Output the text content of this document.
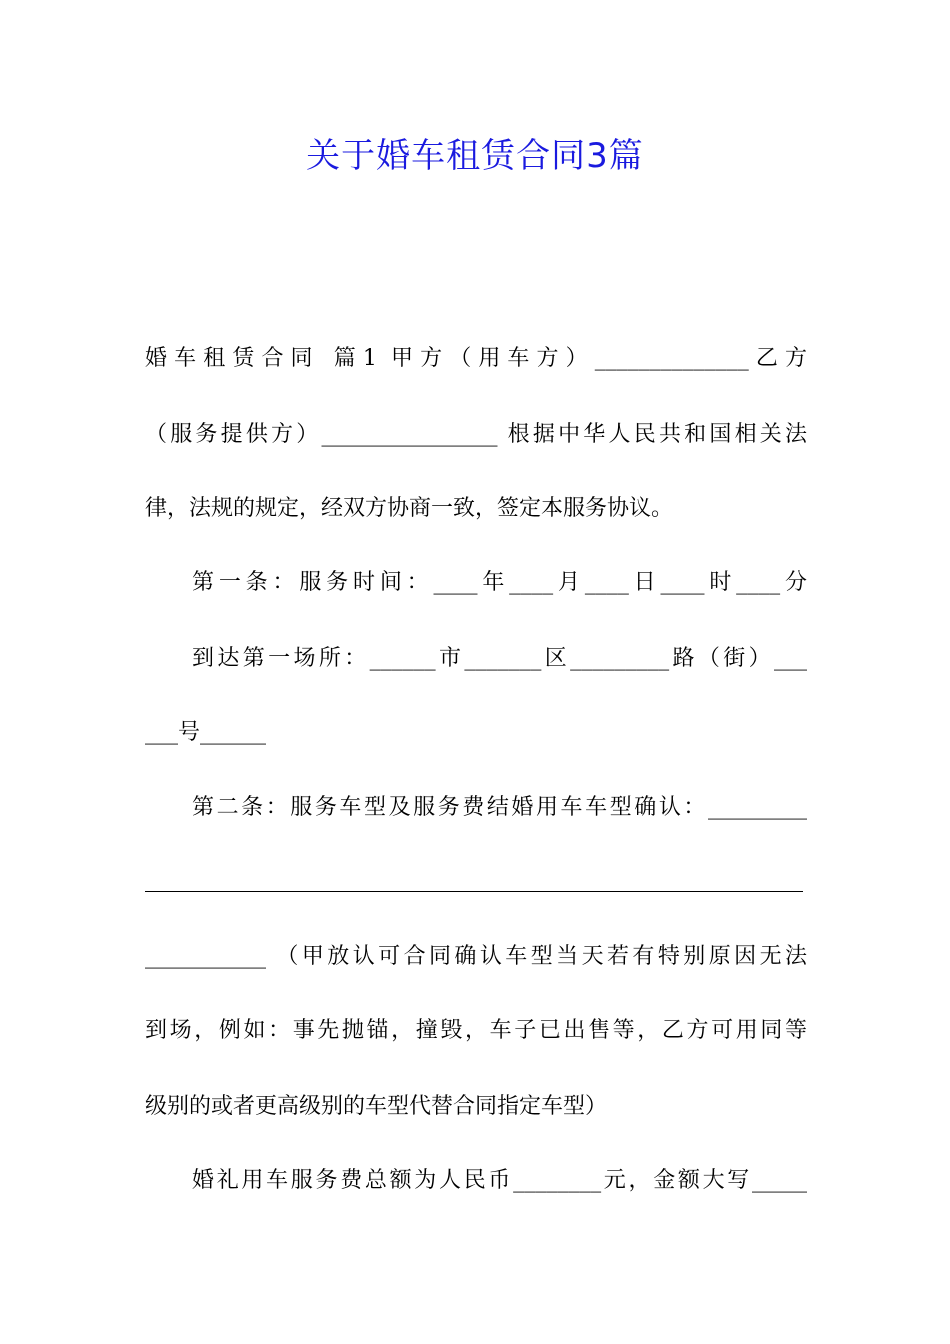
关于婚车租赁合同3篇
婚车租赁合同 篇1 甲方（用车方）______________乙方
（服务提供方）________________ 根据中华人民共和国相关法
律，法规的规定，经双方协商一致，签定本服务协议。
第一条：服务时间：____年____月____日____时____分
到达第一场所：______市_______区_________路（街）___
___号______
第二条：服务车型及服务费结婚用车车型确认：_________
___________ （甲放认可合同确认车型当天若有特别原因无法
到场，例如：事先抛锚，撞毁，车子已出售等，乙方可用同等
级别的或者更高级别的车型代替合同指定车型）
婚礼用车服务费总额为人民币________元，金额大写_____
